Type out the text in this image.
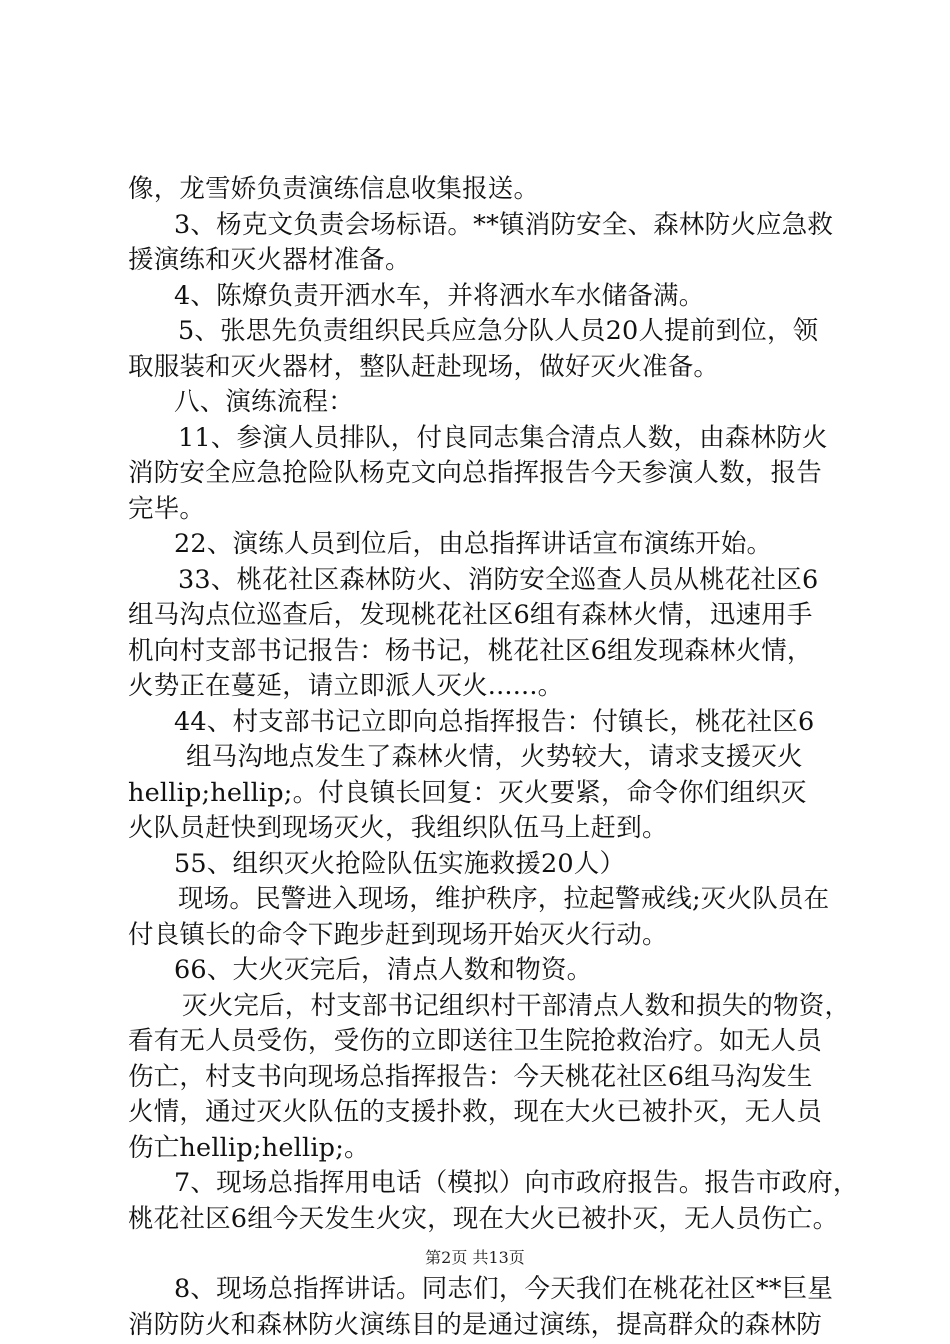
像，龙雪娇负责演练信息收集报送。
3、杨克文负责会场标语。**镇消防安全、森林防火应急救
援演练和灭火器材准备。
4、陈燎负责开洒水车，并将洒水车水储备满。
5、张思先负责组织民兵应急分队人员20人提前到位，领
取服装和灭火器材，整队赶赴现场，做好灭火准备。
八、演练流程：
11、参演人员排队，付良同志集合清点人数，由森林防火
消防安全应急抢险队杨克文向总指挥报告今天参演人数，报告
完毕。
22、演练人员到位后，由总指挥讲话宣布演练开始。
33、桃花社区森林防火、消防安全巡查人员从桃花社区6
组马沟点位巡查后，发现桃花社区6组有森林火情，迅速用手
机向村支部书记报告：杨书记，桃花社区6组发现森林火情，
火势正在蔓延，请立即派人灭火......。
44、村支部书记立即向总指挥报告：付镇长，桃花社区6
组马沟地点发生了森林火情，火势较大，请求支援灭火
hellip;hellip;。付良镇长回复：灭火要紧，命令你们组织灭
火队员赶快到现场灭火，我组织队伍马上赶到。
55、组织灭火抢险队伍实施救援20人）
现场。民警进入现场，维护秩序，拉起警戒线;灭火队员在
付良镇长的命令下跑步赶到现场开始灭火行动。
66、大火灭完后，清点人数和物资。
灭火完后，村支部书记组织村干部清点人数和损失的物资，
看有无人员受伤，受伤的立即送往卫生院抢救治疗。如无人员
伤亡，村支书向现场总指挥报告：今天桃花社区6组马沟发生
火情，通过灭火队伍的支援扑救，现在大火已被扑灭，无人员
伤亡hellip;hellip;。
7、现场总指挥用电话（模拟）向市政府报告。报告市政府，
桃花社区6组今天发生火灾，现在大火已被扑灭，无人员伤亡。
8、现场总指挥讲话。同志们，今天我们在桃花社区**巨星
消防防火和森林防火演练目的是通过演练，提高群众的森林防
第2页 共13页
